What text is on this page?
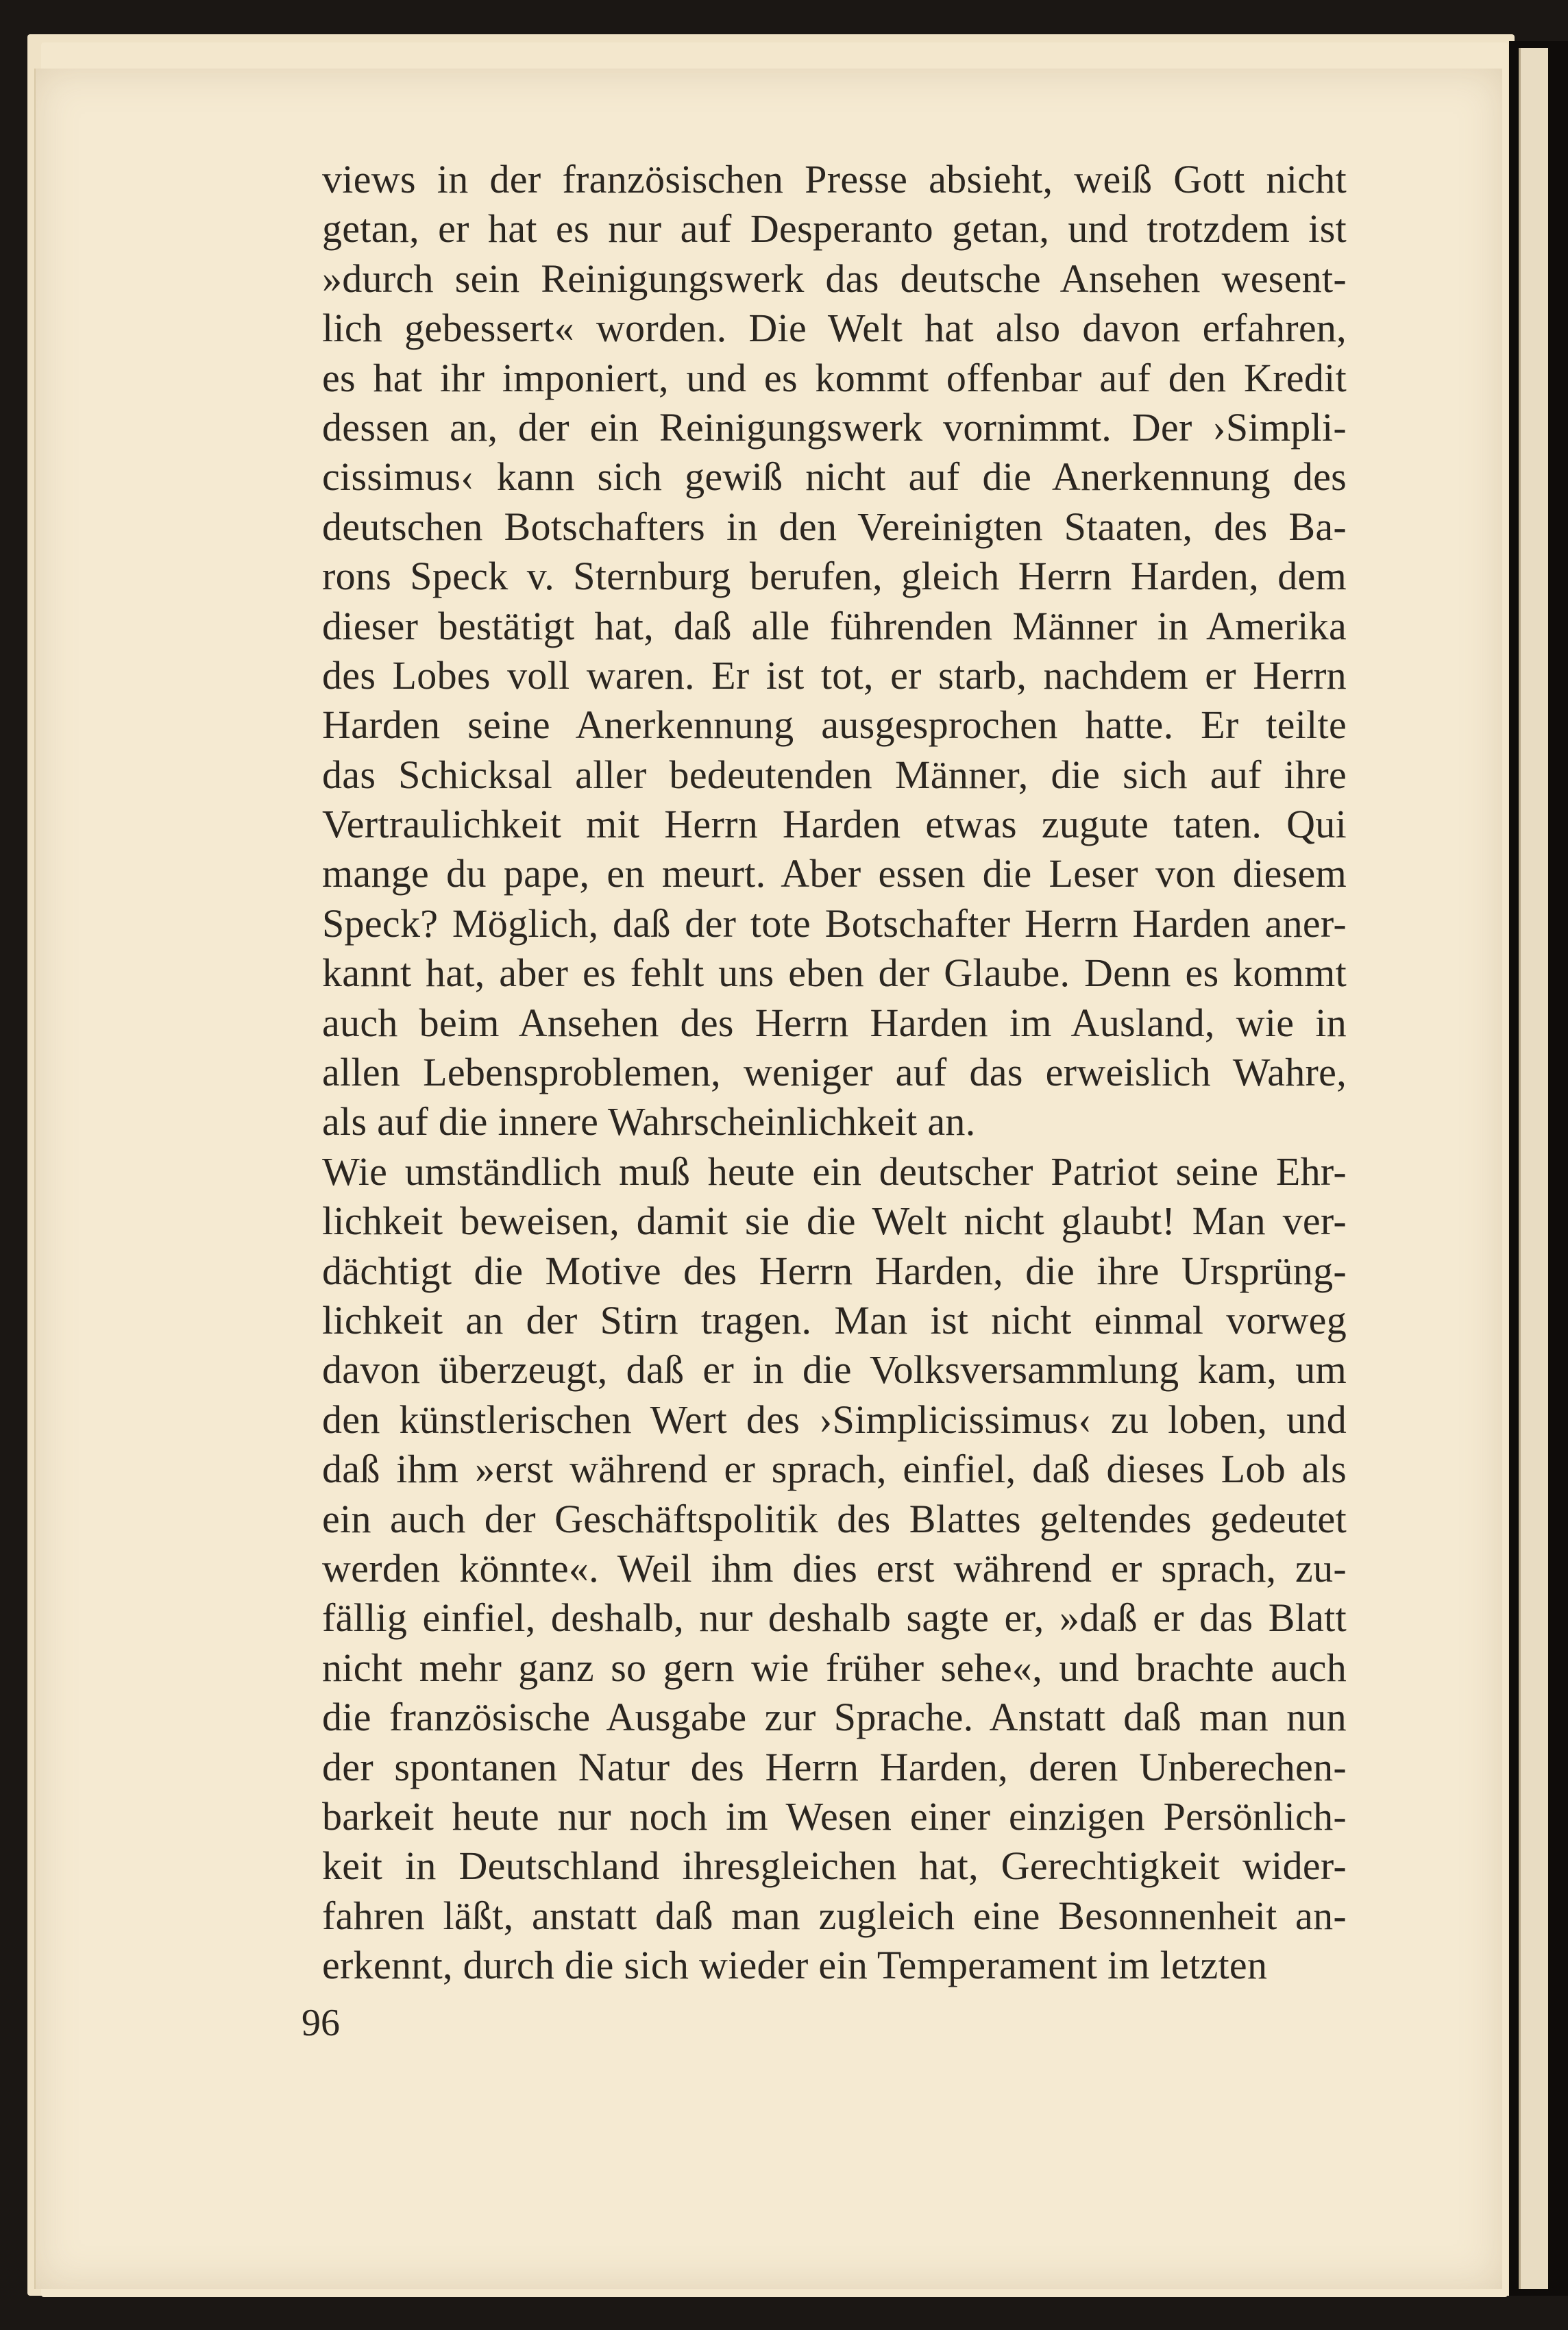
views in der französischen Presse absieht, weiß Gott nicht
getan, er hat es nur auf Desperanto getan, und trotzdem ist
»durch sein Reinigungswerk das deutsche Ansehen wesent-
lich gebessert« worden. Die Welt hat also davon erfahren,
es hat ihr imponiert, und es kommt offenbar auf den Kredit
dessen an, der ein Reinigungswerk vornimmt. Der ›Simpli-
cissimus‹ kann sich gewiß nicht auf die Anerkennung des
deutschen Botschafters in den Vereinigten Staaten, des Ba-
rons Speck v. Sternburg berufen, gleich Herrn Harden, dem
dieser bestätigt hat, daß alle führenden Männer in Amerika
des Lobes voll waren. Er ist tot, er starb, nachdem er Herrn
Harden seine Anerkennung ausgesprochen hatte. Er teilte
das Schicksal aller bedeutenden Männer, die sich auf ihre
Vertraulichkeit mit Herrn Harden etwas zugute taten. Qui
mange du pape, en meurt. Aber essen die Leser von diesem
Speck? Möglich, daß der tote Botschafter Herrn Harden aner-
kannt hat, aber es fehlt uns eben der Glaube. Denn es kommt
auch beim Ansehen des Herrn Harden im Ausland, wie in
allen Lebensproblemen, weniger auf das erweislich Wahre,
als auf die innere Wahrscheinlichkeit an.
Wie umständlich muß heute ein deutscher Patriot seine Ehr-
lichkeit beweisen, damit sie die Welt nicht glaubt! Man ver-
dächtigt die Motive des Herrn Harden, die ihre Ursprüng-
lichkeit an der Stirn tragen. Man ist nicht einmal vorweg
davon überzeugt, daß er in die Volksversammlung kam, um
den künstlerischen Wert des ›Simplicissimus‹ zu loben, und
daß ihm »erst während er sprach, einfiel, daß dieses Lob als
ein auch der Geschäftspolitik des Blattes geltendes gedeutet
werden könnte«. Weil ihm dies erst während er sprach, zu-
fällig einfiel, deshalb, nur deshalb sagte er, »daß er das Blatt
nicht mehr ganz so gern wie früher sehe«, und brachte auch
die französische Ausgabe zur Sprache. Anstatt daß man nun
der spontanen Natur des Herrn Harden, deren Unberechen-
barkeit heute nur noch im Wesen einer einzigen Persönlich-
keit in Deutschland ihresgleichen hat, Gerechtigkeit wider-
fahren läßt, anstatt daß man zugleich eine Besonnenheit an-
erkennt, durch die sich wieder ein Temperament im letzten
96
